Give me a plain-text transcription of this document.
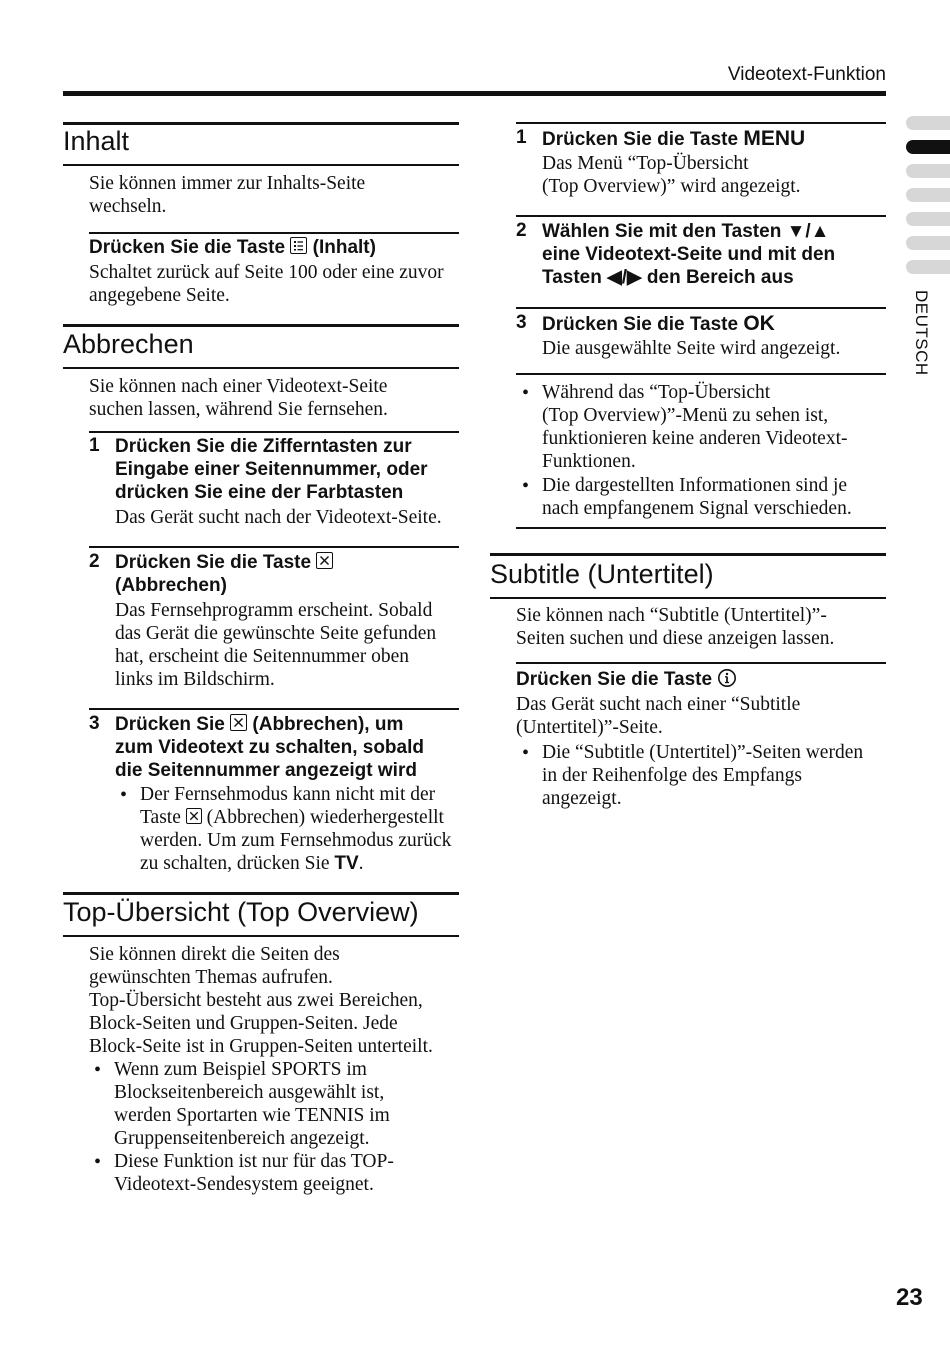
Videotext-Funktion
DEUTSCH
Inhalt
Sie können immer zur Inhalts-Seite
wechseln.
Drücken Sie die Taste (Inhalt)
Schaltet zurück auf Seite 100 oder eine zuvor
angegebene Seite.
Abbrechen
Sie können nach einer Videotext-Seite
suchen lassen, während Sie fernsehen.
1 Drücken Sie die Zifferntasten zur
Eingabe einer Seitennummer, oder
drücken Sie eine der Farbtasten
Das Gerät sucht nach der Videotext-Seite.
2 Drücken Sie die Taste
(Abbrechen)
Das Fernsehprogramm erscheint. Sobald
das Gerät die gewünschte Seite gefunden
hat, erscheint die Seitennummer oben
links im Bildschirm.
3 Drücken Sie (Abbrechen), um
zum Videotext zu schalten, sobald
die Seitennummer angezeigt wird
• Der Fernsehmodus kann nicht mit der
Taste (Abbrechen) wiederhergestellt
werden. Um zum Fernsehmodus zurück
zu schalten, drücken Sie TV.
Top-Übersicht (Top Overview)
Sie können direkt die Seiten des
gewünschten Themas aufrufen.
Top-Übersicht besteht aus zwei Bereichen,
Block-Seiten und Gruppen-Seiten. Jede
Block-Seite ist in Gruppen-Seiten unterteilt.
• Wenn zum Beispiel SPORTS im
Blockseitenbereich ausgewählt ist,
werden Sportarten wie TENNIS im
Gruppenseitenbereich angezeigt.
• Diese Funktion ist nur für das TOP-
Videotext-Sendesystem geeignet.
1 Drücken Sie die Taste MENU
Das Menü “Top-Übersicht
(Top Overview)” wird angezeigt.
2 Wählen Sie mit den Tasten ▼/▲
eine Videotext-Seite und mit den
Tasten ◀/▶ den Bereich aus
3 Drücken Sie die Taste OK
Die ausgewählte Seite wird angezeigt.
• Während das “Top-Übersicht
(Top Overview)”-Menü zu sehen ist,
funktionieren keine anderen Videotext-
Funktionen.
• Die dargestellten Informationen sind je
nach empfangenem Signal verschieden.
Subtitle (Untertitel)
Sie können nach “Subtitle (Untertitel)”-
Seiten suchen und diese anzeigen lassen.
Drücken Sie die Taste
Das Gerät sucht nach einer “Subtitle
(Untertitel)”-Seite.
• Die “Subtitle (Untertitel)”-Seiten werden
in der Reihenfolge des Empfangs
angezeigt.
23
